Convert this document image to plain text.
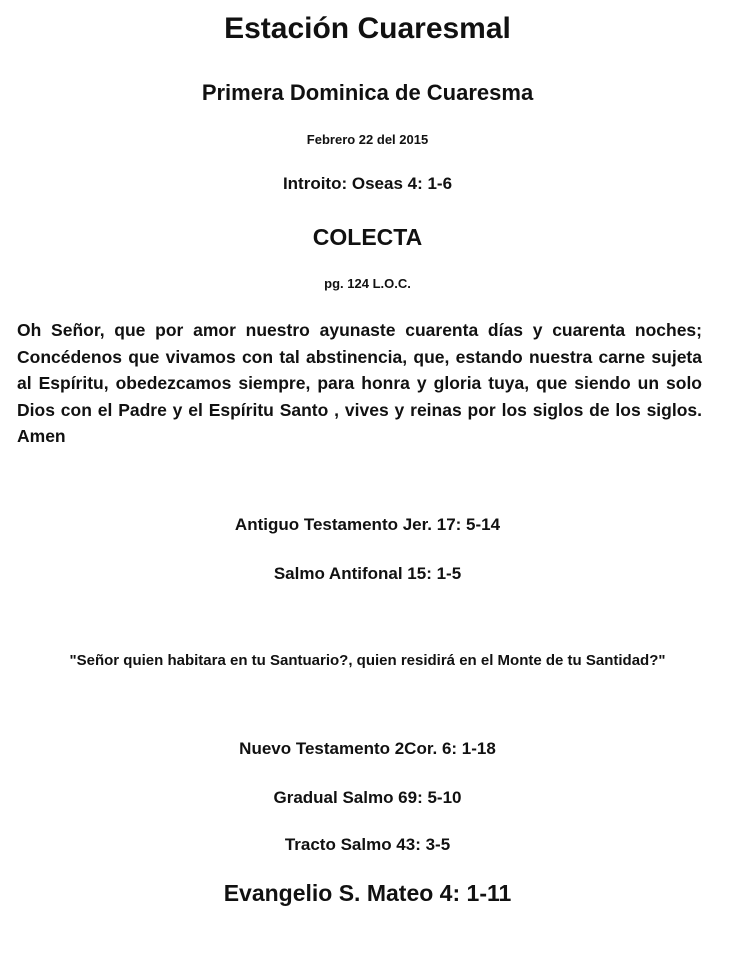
Estación Cuaresmal
Primera Dominica de Cuaresma

Febrero 22 del 2015

Introito: Oseas 4: 1-6

COLECTA

pg. 124 L.O.C.

Oh Señor, que por amor nuestro ayunaste cuarenta días y cuarenta noches; Concédenos que vivamos con tal abstinencia, que, estando nuestra carne sujeta al Espíritu, obedezcamos siempre, para honra y gloria tuya, que siendo un solo Dios con el Padre y el Espíritu Santo , vives y reinas por los siglos de los siglos. Amen

Antiguo Testamento Jer. 17: 5-14

Salmo Antifonal 15: 1-5

"Señor quien habitara en tu Santuario?, quien residirá en el Monte de tu Santidad?"

Nuevo Testamento 2Cor. 6: 1-18

Gradual Salmo 69: 5-10

Tracto Salmo 43: 3-5

Evangelio S. Mateo 4: 1-11
